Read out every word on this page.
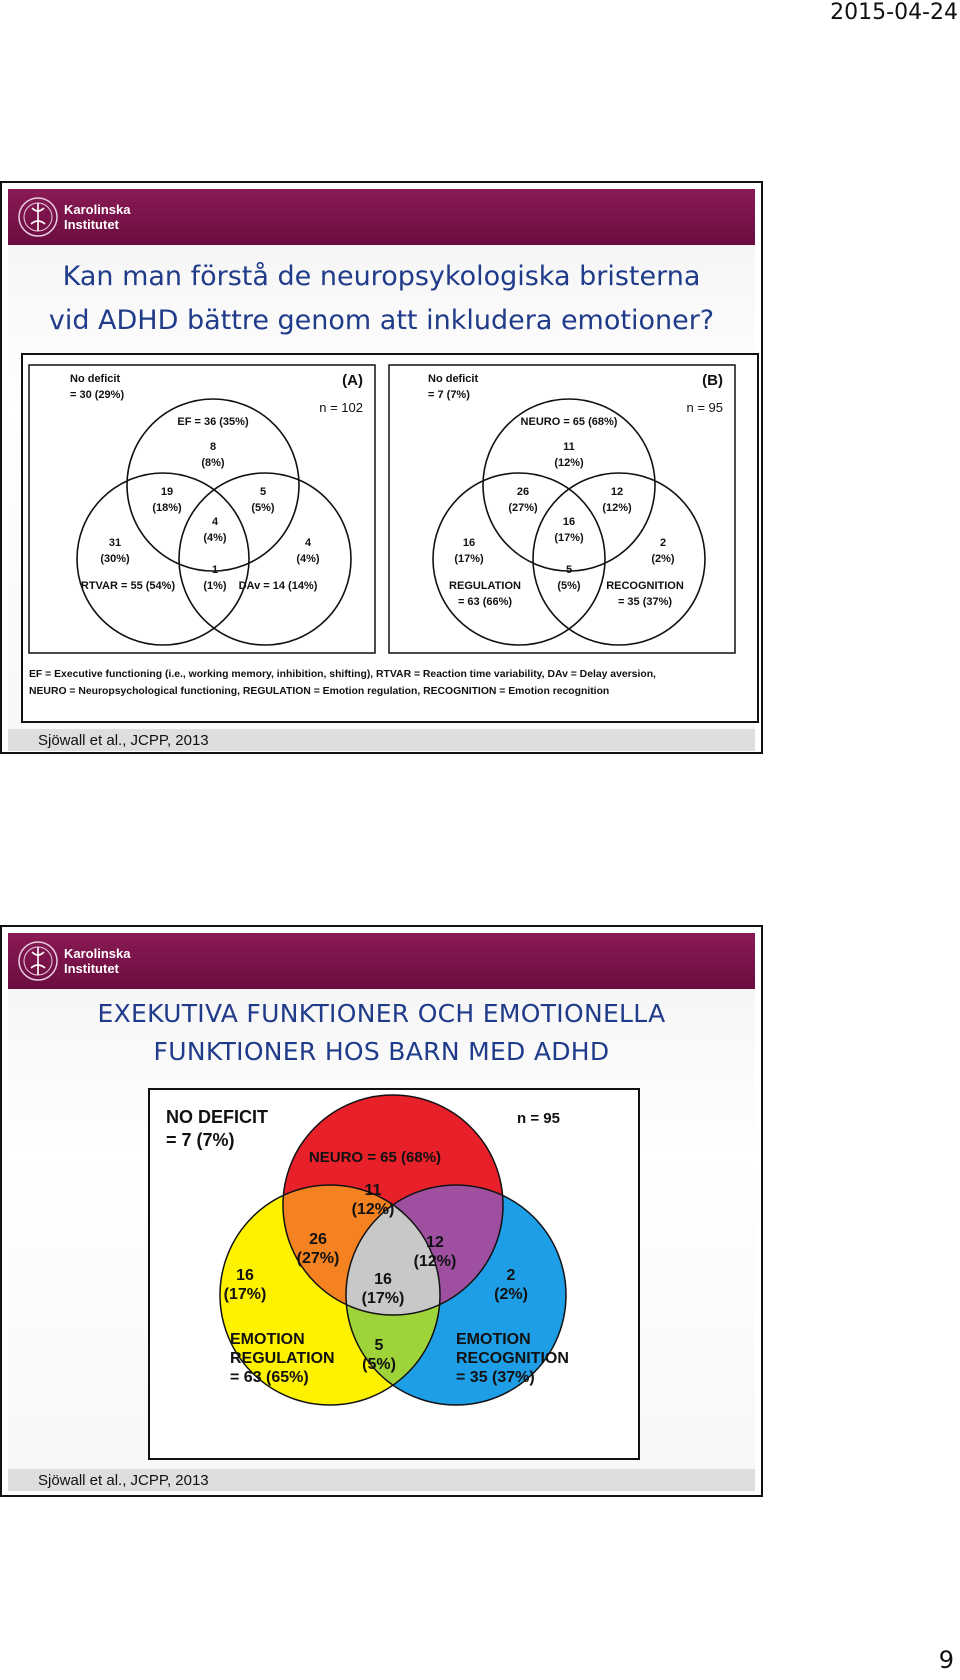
2015-04-24
Karolinska
Institutet
Kan man förstå de neuropsykologiska bristerna
vid ADHD bättre genom att inkludera emotioner?
No deficit
= 30 (29%)
(A)
n = 102
EF = 36 (35%)
8
(8%)
19
(18%)
5
(5%)
4
(4%)
31
(30%)
4
(4%)
1
(1%)
RTVAR = 55 (54%)	DAv = 14 (14%)
No deficit
= 7 (7%)
(B)
n = 95
NEURO = 65 (68%)
11
(12%)
26
(27%)
12
(12%)
16
(17%)
16
(17%)
2
(2%)
5
(5%)
REGULATION
= 63 (66%)
RECOGNITION
= 35 (37%)
EF = Executive functioning (i.e., working memory, inhibition, shifting), RTVAR = Reaction time variability, DAv = Delay aversion,
NEURO = Neuropsychological functioning, REGULATION = Emotion regulation, RECOGNITION = Emotion recognition
Sjöwall et al., JCPP, 2013
Karolinska
Institutet
EXEKUTIVA FUNKTIONER OCH EMOTIONELLA
FUNKTIONER HOS BARN MED ADHD
NO DEFICIT
= 7 (7%)
n = 95
NEURO = 65 (68%)
11
(12%)
26
(27%)
12
(12%)
16
(17%)
16
(17%)
2
(2%)
5
(5%)
EMOTION
REGULATION
= 63 (65%)
EMOTION
RECOGNITION
= 35 (37%)
Sjöwall et al., JCPP, 2013
9
